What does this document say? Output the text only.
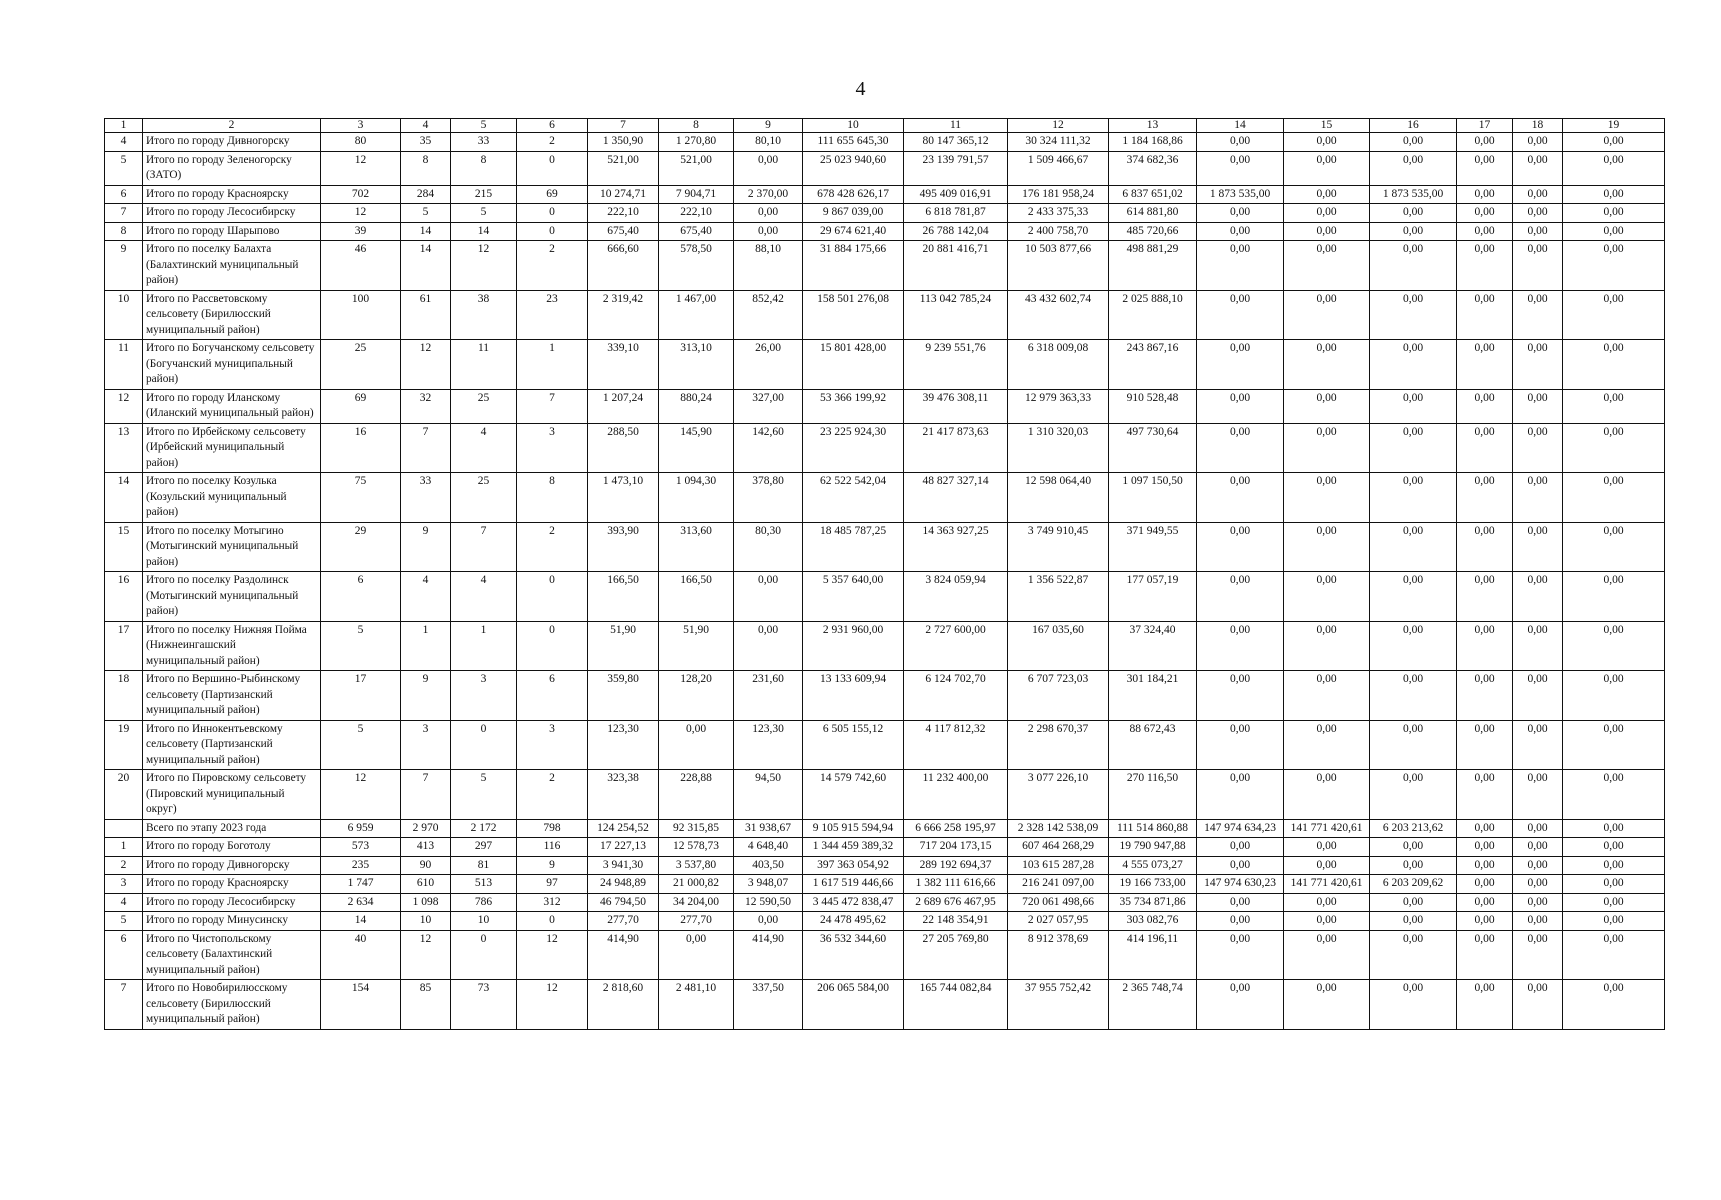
4
1	2	3	4	5	6	7	8	9	10	11	12	13	14	15	16	17	18	19
4	Итого по городу Дивногорску	80	35	33	2	1 350,90	1 270,80	80,10	111 655 645,30	80 147 365,12	30 324 111,32	1 184 168,86	0,00	0,00	0,00	0,00	0,00	0,00
5	Итого по городу Зеленогорску (ЗАТО)	12	8	8	0	521,00	521,00	0,00	25 023 940,60	23 139 791,57	1 509 466,67	374 682,36	0,00	0,00	0,00	0,00	0,00	0,00
6	Итого по городу Красноярску	702	284	215	69	10 274,71	7 904,71	2 370,00	678 428 626,17	495 409 016,91	176 181 958,24	6 837 651,02	1 873 535,00	0,00	1 873 535,00	0,00	0,00	0,00
7	Итого по городу Лесосибирску	12	5	5	0	222,10	222,10	0,00	9 867 039,00	6 818 781,87	2 433 375,33	614 881,80	0,00	0,00	0,00	0,00	0,00	0,00
8	Итого по городу Шарыпово	39	14	14	0	675,40	675,40	0,00	29 674 621,40	26 788 142,04	2 400 758,70	485 720,66	0,00	0,00	0,00	0,00	0,00	0,00
9	Итого по поселку Балахта (Балахтинский муниципальный район)	46	14	12	2	666,60	578,50	88,10	31 884 175,66	20 881 416,71	10 503 877,66	498 881,29	0,00	0,00	0,00	0,00	0,00	0,00
10	Итого по Рассветовскому сельсовету (Бирилюсский муниципальный район)	100	61	38	23	2 319,42	1 467,00	852,42	158 501 276,08	113 042 785,24	43 432 602,74	2 025 888,10	0,00	0,00	0,00	0,00	0,00	0,00
11	Итого по Богучанскому сельсовету (Богучанский муниципальный район)	25	12	11	1	339,10	313,10	26,00	15 801 428,00	9 239 551,76	6 318 009,08	243 867,16	0,00	0,00	0,00	0,00	0,00	0,00
12	Итого по городу Иланскому (Иланский муниципальный район)	69	32	25	7	1 207,24	880,24	327,00	53 366 199,92	39 476 308,11	12 979 363,33	910 528,48	0,00	0,00	0,00	0,00	0,00	0,00
13	Итого по Ирбейскому сельсовету (Ирбейский муниципальный район)	16	7	4	3	288,50	145,90	142,60	23 225 924,30	21 417 873,63	1 310 320,03	497 730,64	0,00	0,00	0,00	0,00	0,00	0,00
14	Итого по поселку Козулька (Козульский муниципальный район)	75	33	25	8	1 473,10	1 094,30	378,80	62 522 542,04	48 827 327,14	12 598 064,40	1 097 150,50	0,00	0,00	0,00	0,00	0,00	0,00
15	Итого по поселку Мотыгино (Мотыгинский муниципальный район)	29	9	7	2	393,90	313,60	80,30	18 485 787,25	14 363 927,25	3 749 910,45	371 949,55	0,00	0,00	0,00	0,00	0,00	0,00
16	Итого по поселку Раздолинск (Мотыгинский муниципальный район)	6	4	4	0	166,50	166,50	0,00	5 357 640,00	3 824 059,94	1 356 522,87	177 057,19	0,00	0,00	0,00	0,00	0,00	0,00
17	Итого по поселку Нижняя Пойма (Нижнеингашский муниципальный район)	5	1	1	0	51,90	51,90	0,00	2 931 960,00	2 727 600,00	167 035,60	37 324,40	0,00	0,00	0,00	0,00	0,00	0,00
18	Итого по Вершино-Рыбинскому сельсовету (Партизанский муниципальный район)	17	9	3	6	359,80	128,20	231,60	13 133 609,94	6 124 702,70	6 707 723,03	301 184,21	0,00	0,00	0,00	0,00	0,00	0,00
19	Итого по Иннокентьевскому сельсовету (Партизанский муниципальный район)	5	3	0	3	123,30	0,00	123,30	6 505 155,12	4 117 812,32	2 298 670,37	88 672,43	0,00	0,00	0,00	0,00	0,00	0,00
20	Итого по Пировскому сельсовету (Пировский муниципальный округ)	12	7	5	2	323,38	228,88	94,50	14 579 742,60	11 232 400,00	3 077 226,10	270 116,50	0,00	0,00	0,00	0,00	0,00	0,00
	Всего по этапу 2023 года	6 959	2 970	2 172	798	124 254,52	92 315,85	31 938,67	9 105 915 594,94	6 666 258 195,97	2 328 142 538,09	111 514 860,88	147 974 634,23	141 771 420,61	6 203 213,62	0,00	0,00	0,00
1	Итого по городу Боготолу	573	413	297	116	17 227,13	12 578,73	4 648,40	1 344 459 389,32	717 204 173,15	607 464 268,29	19 790 947,88	0,00	0,00	0,00	0,00	0,00	0,00
2	Итого по городу Дивногорску	235	90	81	9	3 941,30	3 537,80	403,50	397 363 054,92	289 192 694,37	103 615 287,28	4 555 073,27	0,00	0,00	0,00	0,00	0,00	0,00
3	Итого по городу Красноярску	1 747	610	513	97	24 948,89	21 000,82	3 948,07	1 617 519 446,66	1 382 111 616,66	216 241 097,00	19 166 733,00	147 974 630,23	141 771 420,61	6 203 209,62	0,00	0,00	0,00
4	Итого по городу Лесосибирску	2 634	1 098	786	312	46 794,50	34 204,00	12 590,50	3 445 472 838,47	2 689 676 467,95	720 061 498,66	35 734 871,86	0,00	0,00	0,00	0,00	0,00	0,00
5	Итого по городу Минусинску	14	10	10	0	277,70	277,70	0,00	24 478 495,62	22 148 354,91	2 027 057,95	303 082,76	0,00	0,00	0,00	0,00	0,00	0,00
6	Итого по Чистопольскому сельсовету (Балахтинский муниципальный район)	40	12	0	12	414,90	0,00	414,90	36 532 344,60	27 205 769,80	8 912 378,69	414 196,11	0,00	0,00	0,00	0,00	0,00	0,00
7	Итого по Новобирилюсскому сельсовету (Бирилюсский муниципальный район)	154	85	73	12	2 818,60	2 481,10	337,50	206 065 584,00	165 744 082,84	37 955 752,42	2 365 748,74	0,00	0,00	0,00	0,00	0,00	0,00
